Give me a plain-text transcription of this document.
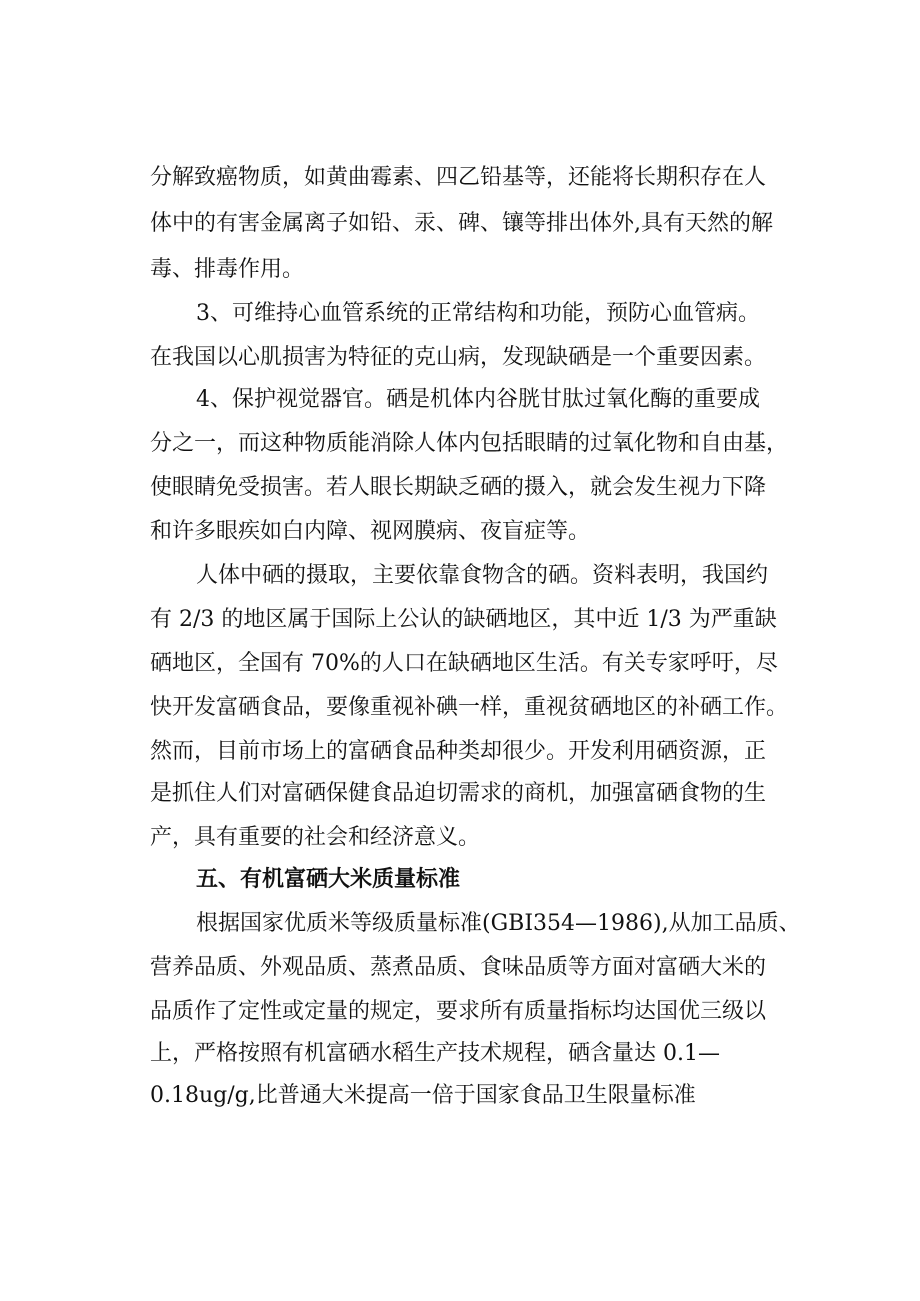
分解致癌物质，如黄曲霉素、四乙铅基等，还能将长期积存在人
体中的有害金属离子如铅、汞、碑、镶等排出体外,具有天然的解
毒、排毒作用。
3、可维持心血管系统的正常结构和功能，预防心血管病。
在我国以心肌损害为特征的克山病，发现缺硒是一个重要因素。
4、保护视觉器官。硒是机体内谷胱甘肽过氧化酶的重要成
分之一，而这种物质能消除人体内包括眼睛的过氧化物和自由基，
使眼睛免受损害。若人眼长期缺乏硒的摄入，就会发生视力下降
和许多眼疾如白内障、视网膜病、夜盲症等。
人体中硒的摄取，主要依靠食物含的硒。资料表明，我国约
有 2/3 的地区属于国际上公认的缺硒地区，其中近 1/3 为严重缺
硒地区，全国有 70%的人口在缺硒地区生活。有关专家呼吁，尽
快开发富硒食品，要像重视补碘一样，重视贫硒地区的补硒工作。
然而，目前市场上的富硒食品种类却很少。开发利用硒资源，正
是抓住人们对富硒保健食品迫切需求的商机，加强富硒食物的生
产，具有重要的社会和经济意义。
五、有机富硒大米质量标准
根据国家优质米等级质量标准(GBI354—1986),从加工品质、
营养品质、外观品质、蒸煮品质、食味品质等方面对富硒大米的
品质作了定性或定量的规定，要求所有质量指标均达国优三级以
上，严格按照有机富硒水稻生产技术规程，硒含量达 0.1—
0.18ug/g,比普通大米提高一倍于国家食品卫生限量标准
